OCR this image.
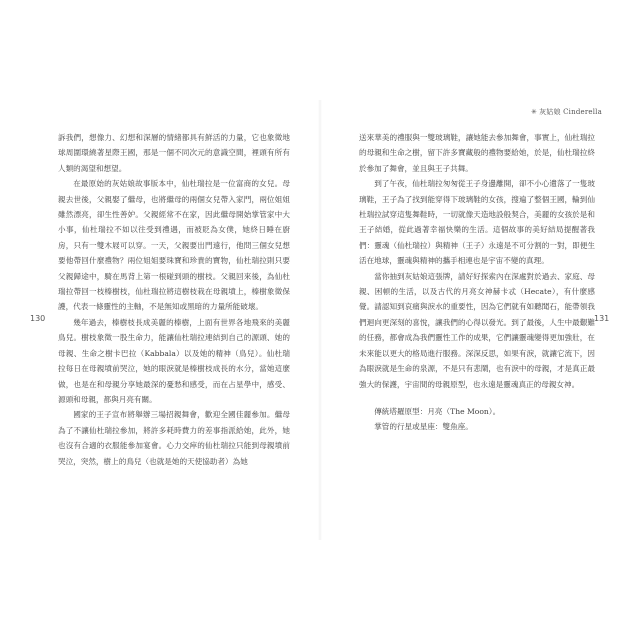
訴我們，想像力、幻想和深層的情緒都具有鮮活的力量，它也象徵地球周圍環繞著星際王國，那是一個不同次元的意識空間，裡頭有所有人類的渴望和想望。

在最原始的灰姑娘故事版本中，仙杜瑞拉是一位富商的女兒。母親去世後，父親娶了繼母，也將繼母的兩個女兒帶入家門，兩位姐姐雖然漂亮，卻生性善妒。父親經常不在家，因此繼母開始掌管家中大小事，仙杜瑞拉不如以往受到禮遇，而被貶為女僕，她終日睡在廚房，只有一雙木屐可以穿。一天，父親要出門遠行，他問三個女兒想要他帶回什麼禮物？兩位姐姐要珠寶和珍貴的寶物，仙杜瑞拉則只要父親歸途中，騎在馬背上第一根碰到頭的樹枝。父親回來後，為仙杜瑞拉帶回一枝榛樹枝，仙杜瑞拉將這樹枝栽在母親墳上，榛樹象徵保護，代表一條靈性的主軸，不是無知或黑暗的力量所能破壞。

幾年過去，榛樹枝長成美麗的榛樹，上面有世界各地飛來的美麗鳥兒。樹枝象徵一股生命力，能讓仙杜瑞拉連結到自己的源頭、她的母親、生命之樹卡巴拉（Kabbala）以及她的精神（鳥兒）。仙杜瑞拉每日在母親墳前哭泣，她的眼淚就是榛樹枝成長的水分，當她這麼做，也是在和母親分享她最深的憂愁和感受，而在占星學中，感受、源頭和母親，都與月亮有關。

國家的王子宣布將舉辦三場招親舞會，歡迎全國佳麗參加。繼母為了不讓仙杜瑞拉參加，將許多耗時費力的差事指派給她，此外，她也沒有合適的衣服能參加宴會。心力交瘁的仙杜瑞拉只能到母親墳前哭泣，突然，樹上的鳥兒（也就是她的天使協助者）為她

130
✳ 灰姑娘 Cinderella

送來華美的禮服與一雙玻璃鞋，讓她能去參加舞會，事實上，仙杜瑞拉的母親和生命之樹，留下許多寶藏般的禮物要給她，於是，仙杜瑞拉終於參加了舞會，並且與王子共舞。

到了午夜，仙杜瑞拉匆匆從王子身邊離開，卻不小心遺落了一隻玻璃鞋，王子為了找到能穿得下玻璃鞋的女孩，搜遍了整個王國，輪到仙杜瑞拉試穿這隻舞鞋時，一切就像天造地設般契合，美麗的女孩於是和王子結婚，從此過著幸福快樂的生活。這個故事的美好結局提醒著我們：靈魂（仙杜瑞拉）與精神（王子）永遠是不可分割的一對，即便生活在地球，靈魂與精神的攜手相連也是宇宙不變的真理。

當你抽到灰姑娘這張牌，請好好探索內在深處對於過去、家庭、母親、困頓的生活，以及古代的月亮女神赫卡忒（Hecate），有什麼感覺。請認知到哀痛與淚水的重要性，因為它們就有如聽聞石，能帶領我們迴向更深刻的喜悅，讓我們的心得以發光。到了最後，人生中最艱難的任務，都會成為我們靈性工作的成果，它們讓靈魂變得更加強壯，在未來能以更大的格局進行服務。深深反思，如果有淚，就讓它流下，因為眼淚就是生命的泉源，不是只有悲鬧，也有淚中的母親，才是真正最強大的保護，宇宙間的母親原型，也永遠是靈魂真正的母親女神。

傳統塔羅原型：月亮（The Moon）。

掌管的行星或星座：雙魚座。

131
